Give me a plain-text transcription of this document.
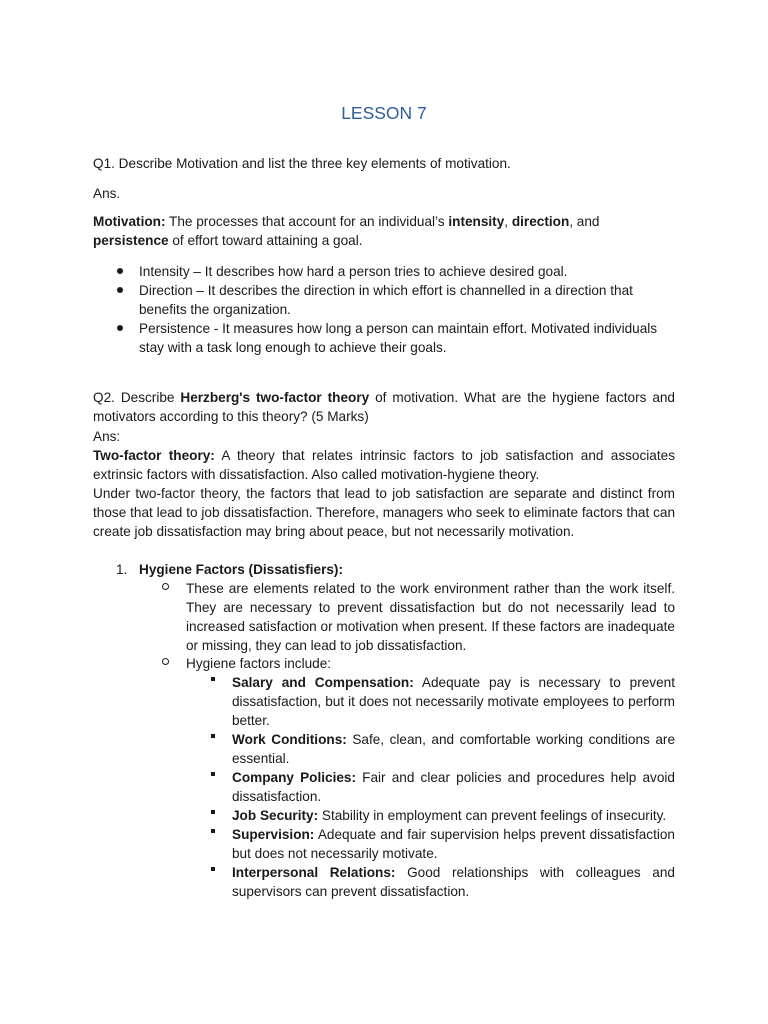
LESSON 7

Q1. Describe Motivation and list the three key elements of motivation.

Ans.

Motivation: The processes that account for an individual’s intensity, direction, and
persistence of effort toward attaining a goal.

Intensity – It describes how hard a person tries to achieve desired goal.
Direction – It describes the direction in which effort is channelled in a direction that benefits the organization.
Persistence - It measures how long a person can maintain effort. Motivated individuals stay with a task long enough to achieve their goals.

Q2. Describe Herzberg's two-factor theory of motivation. What are the hygiene factors and motivators according to this theory? (5 Marks)

Ans:

Two-factor theory: A theory that relates intrinsic factors to job satisfaction and associates extrinsic factors with dissatisfaction. Also called motivation-hygiene theory.

Under two-factor theory, the factors that lead to job satisfaction are separate and distinct from those that lead to job dissatisfaction. Therefore, managers who seek to eliminate factors that can create job dissatisfaction may bring about peace, but not necessarily motivation.

1. Hygiene Factors (Dissatisfiers):

These are elements related to the work environment rather than the work itself. They are necessary to prevent dissatisfaction but do not necessarily lead to increased satisfaction or motivation when present. If these factors are inadequate or missing, they can lead to job dissatisfaction.

Hygiene factors include:

Salary and Compensation: Adequate pay is necessary to prevent dissatisfaction, but it does not necessarily motivate employees to perform better.

Work Conditions: Safe, clean, and comfortable working conditions are essential.

Company Policies: Fair and clear policies and procedures help avoid dissatisfaction.

Job Security: Stability in employment can prevent feelings of insecurity.

Supervision: Adequate and fair supervision helps prevent dissatisfaction but does not necessarily motivate.

Interpersonal Relations: Good relationships with colleagues and supervisors can prevent dissatisfaction.
